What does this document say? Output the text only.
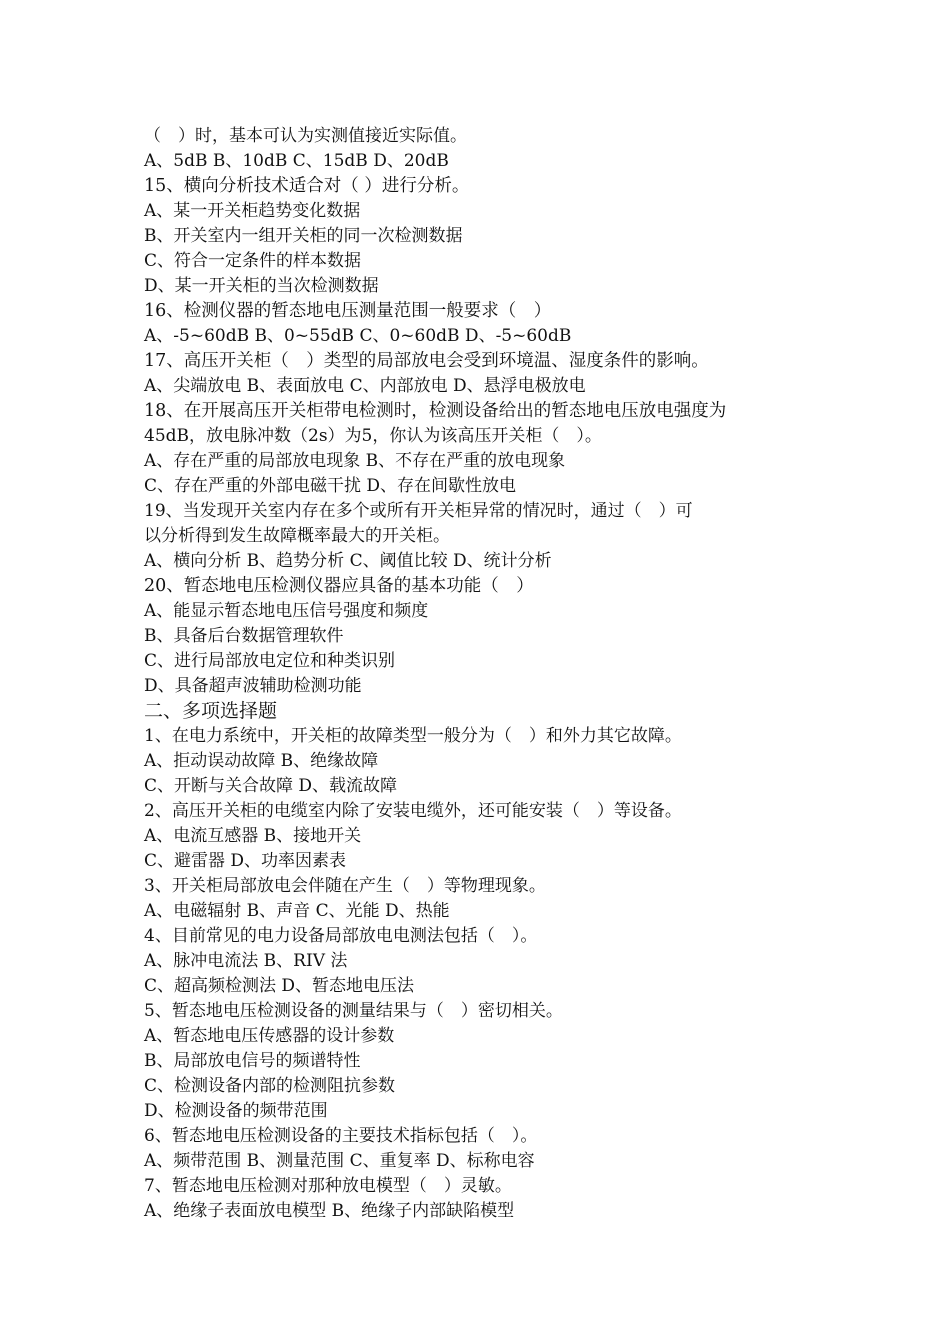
（　）时，基本可认为实测值接近实际值。
A、5dB B、10dB C、15dB D、20dB
15、横向分析技术适合对（ ）进行分析。
A、某一开关柜趋势变化数据
B、开关室内一组开关柜的同一次检测数据
C、符合一定条件的样本数据
D、某一开关柜的当次检测数据
16、检测仪器的暂态地电压测量范围一般要求（　）
A、-5~60dB B、0~55dB C、0~60dB D、-5~60dB
17、高压开关柜（　）类型的局部放电会受到环境温、湿度条件的影响。
A、尖端放电 B、表面放电 C、内部放电 D、悬浮电极放电
18、在开展高压开关柜带电检测时，检测设备给出的暂态地电压放电强度为
45dB，放电脉冲数（2s）为5，你认为该高压开关柜（　）。
A、存在严重的局部放电现象 B、不存在严重的放电现象
C、存在严重的外部电磁干扰 D、存在间歇性放电
19、当发现开关室内存在多个或所有开关柜异常的情况时，通过（　）可
以分析得到发生故障概率最大的开关柜。
A、横向分析 B、趋势分析 C、阈值比较 D、统计分析
20、暂态地电压检测仪器应具备的基本功能（　）
A、能显示暂态地电压信号强度和频度
B、具备后台数据管理软件
C、进行局部放电定位和种类识别
D、具备超声波辅助检测功能
二、多项选择题
1、在电力系统中，开关柜的故障类型一般分为（　）和外力其它故障。
A、拒动误动故障 B、绝缘故障
C、开断与关合故障 D、载流故障
2、高压开关柜的电缆室内除了安装电缆外，还可能安装（　）等设备。
A、电流互感器 B、接地开关
C、避雷器 D、功率因素表
3、开关柜局部放电会伴随在产生（　）等物理现象。
A、电磁辐射 B、声音 C、光能 D、热能
4、目前常见的电力设备局部放电电测法包括（　）。
A、脉冲电流法 B、RIV 法
C、超高频检测法 D、暂态地电压法
5、暂态地电压检测设备的测量结果与（　）密切相关。
A、暂态地电压传感器的设计参数
B、局部放电信号的频谱特性
C、检测设备内部的检测阻抗参数
D、检测设备的频带范围
6、暂态地电压检测设备的主要技术指标包括（　）。
A、频带范围 B、测量范围 C、重复率 D、标称电容
7、暂态地电压检测对那种放电模型（　）灵敏。
A、绝缘子表面放电模型 B、绝缘子内部缺陷模型
